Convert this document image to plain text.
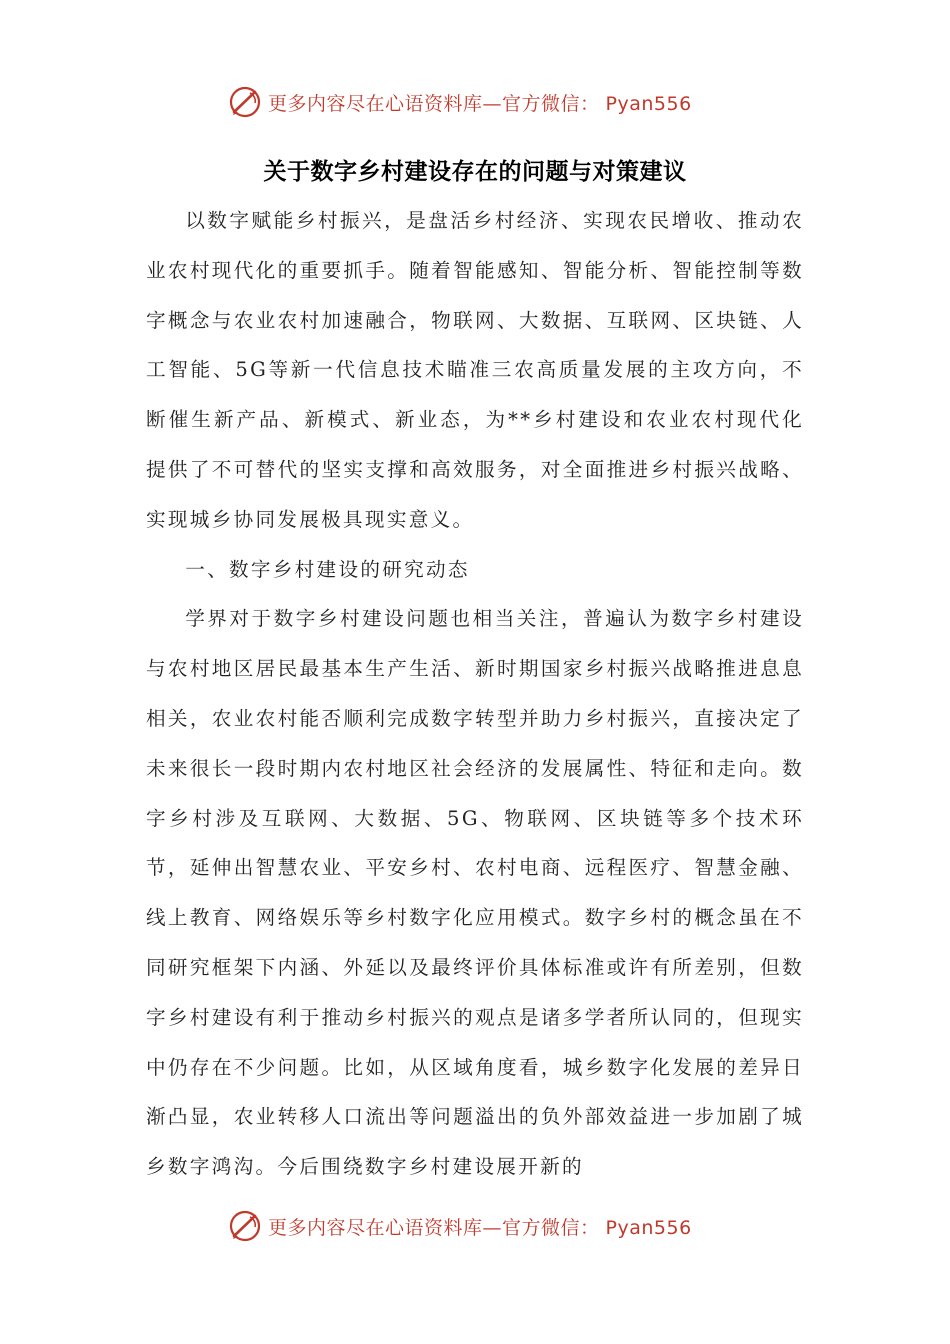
更多内容尽在心语资料库—官方微信： Pyan556
关于数字乡村建设存在的问题与对策建议

以数字赋能乡村振兴，是盘活乡村经济、实现农民增收、推动农业农村现代化的重要抓手。随着智能感知、智能分析、智能控制等数字概念与农业农村加速融合，物联网、大数据、互联网、区块链、人工智能、5G等新一代信息技术瞄准三农高质量发展的主攻方向，不断催生新产品、新模式、新业态，为**乡村建设和农业农村现代化提供了不可替代的坚实支撑和高效服务，对全面推进乡村振兴战略、实现城乡协同发展极具现实意义。

一、数字乡村建设的研究动态

学界对于数字乡村建设问题也相当关注，普遍认为数字乡村建设与农村地区居民最基本生产生活、新时期国家乡村振兴战略推进息息相关，农业农村能否顺利完成数字转型并助力乡村振兴，直接决定了未来很长一段时期内农村地区社会经济的发展属性、特征和走向。数字乡村涉及互联网、大数据、5G、物联网、区块链等多个技术环节，延伸出智慧农业、平安乡村、农村电商、远程医疗、智慧金融、线上教育、网络娱乐等乡村数字化应用模式。数字乡村的概念虽在不同研究框架下内涵、外延以及最终评价具体标准或许有所差别，但数字乡村建设有利于推动乡村振兴的观点是诸多学者所认同的，但现实中仍存在不少问题。比如，从区域角度看，城乡数字化发展的差异日渐凸显，农业转移人口流出等问题溢出的负外部效益进一步加剧了城乡数字鸿沟。今后围绕数字乡村建设展开新的

更多内容尽在心语资料库—官方微信： Pyan556
